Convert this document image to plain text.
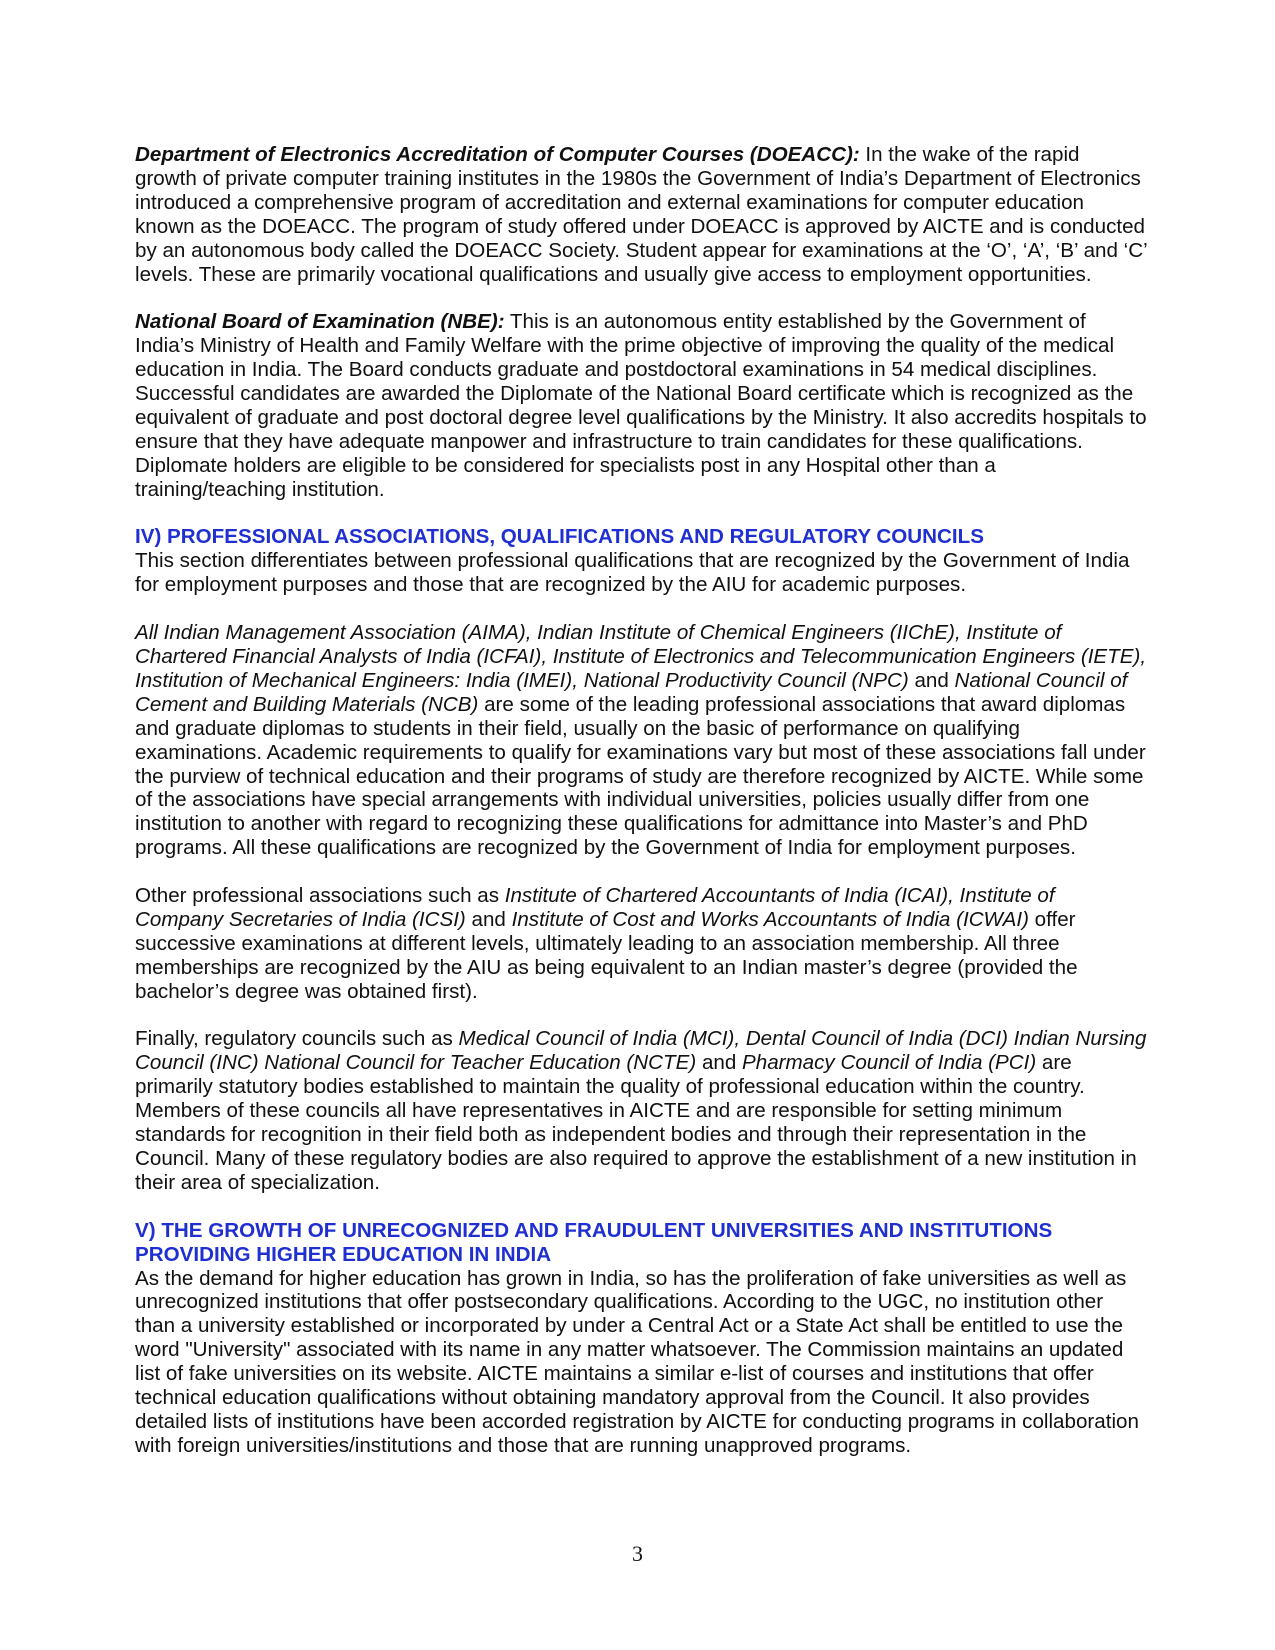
Department of Electronics Accreditation of Computer Courses (DOEACC): In the wake of the rapid growth of private computer training institutes in the 1980s the Government of India’s Department of Electronics introduced a comprehensive program of accreditation and external examinations for computer education known as the DOEACC. The program of study offered under DOEACC is approved by AICTE and is conducted by an autonomous body called the DOEACC Society. Student appear for examinations at the ‘O’, ‘A’, ‘B’ and ‘C’ levels. These are primarily vocational qualifications and usually give access to employment opportunities.

National Board of Examination (NBE): This is an autonomous entity established by the Government of India’s Ministry of Health and Family Welfare with the prime objective of improving the quality of the medical education in India. The Board conducts graduate and postdoctoral examinations in 54 medical disciplines. Successful candidates are awarded the Diplomate of the National Board certificate which is recognized as the equivalent of graduate and post doctoral degree level qualifications by the Ministry. It also accredits hospitals to ensure that they have adequate manpower and infrastructure to train candidates for these qualifications. Diplomate holders are eligible to be considered for specialists post in any Hospital other than a training/teaching institution.

IV) PROFESSIONAL ASSOCIATIONS, QUALIFICATIONS AND REGULATORY COUNCILS

This section differentiates between professional qualifications that are recognized by the Government of India for employment purposes and those that are recognized by the AIU for academic purposes.

All Indian Management Association (AIMA), Indian Institute of Chemical Engineers (IIChE), Institute of Chartered Financial Analysts of India (ICFAI), Institute of Electronics and Telecommunication Engineers (IETE), Institution of Mechanical Engineers: India (IMEI), National Productivity Council (NPC) and National Council of Cement and Building Materials (NCB) are some of the leading professional associations that award diplomas and graduate diplomas to students in their field, usually on the basic of performance on qualifying examinations. Academic requirements to qualify for examinations vary but most of these associations fall under the purview of technical education and their programs of study are therefore recognized by AICTE. While some of the associations have special arrangements with individual universities, policies usually differ from one institution to another with regard to recognizing these qualifications for admittance into Master’s and PhD programs. All these qualifications are recognized by the Government of India for employment purposes.

Other professional associations such as Institute of Chartered Accountants of India (ICAI), Institute of Company Secretaries of India (ICSI) and Institute of Cost and Works Accountants of India (ICWAI) offer successive examinations at different levels, ultimately leading to an association membership. All three memberships are recognized by the AIU as being equivalent to an Indian master’s degree (provided the bachelor’s degree was obtained first).

Finally, regulatory councils such as Medical Council of India (MCI), Dental Council of India (DCI) Indian Nursing Council (INC) National Council for Teacher Education (NCTE) and Pharmacy Council of India (PCI) are primarily statutory bodies established to maintain the quality of professional education within the country. Members of these councils all have representatives in AICTE and are responsible for setting minimum standards for recognition in their field both as independent bodies and through their representation in the Council. Many of these regulatory bodies are also required to approve the establishment of a new institution in their area of specialization.

V) THE GROWTH OF UNRECOGNIZED AND FRAUDULENT UNIVERSITIES AND INSTITUTIONS

PROVIDING HIGHER EDUCATION IN INDIA

As the demand for higher education has grown in India, so has the proliferation of fake universities as well as unrecognized institutions that offer postsecondary qualifications. According to the UGC, no institution other than a university established or incorporated by under a Central Act or a State Act shall be entitled to use the word "University" associated with its name in any matter whatsoever. The Commission maintains an updated list of fake universities on its website. AICTE maintains a similar e-list of courses and institutions that offer technical education qualifications without obtaining mandatory approval from the Council. It also provides detailed lists of institutions have been accorded registration by AICTE for conducting programs in collaboration with foreign universities/institutions and those that are running unapproved programs.

3
